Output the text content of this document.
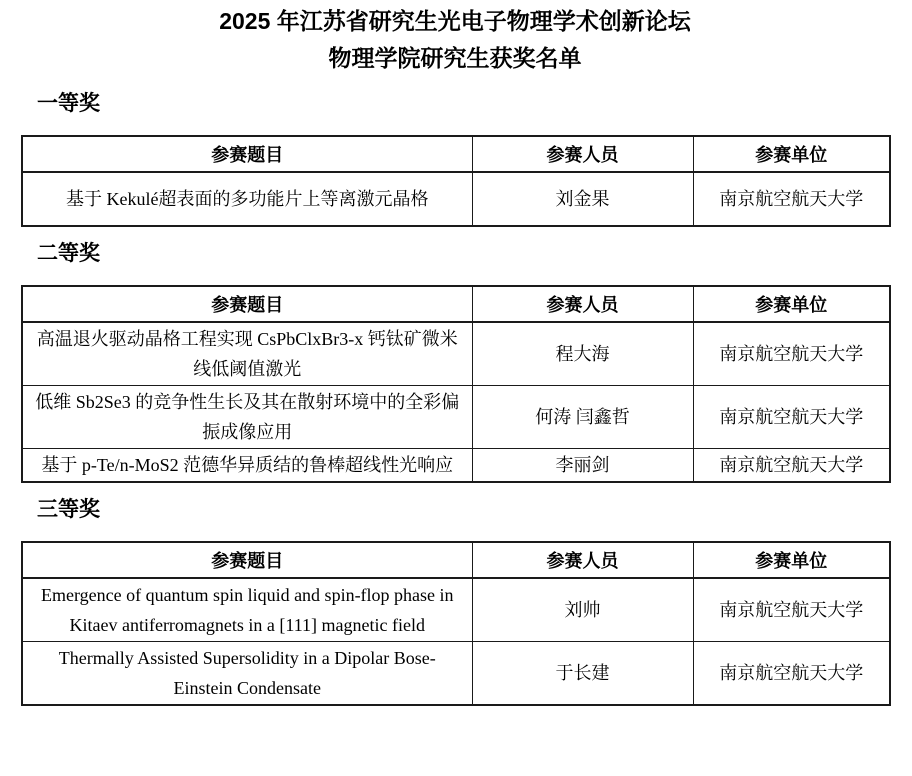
2025 年江苏省研究生光电子物理学术创新论坛
物理学院研究生获奖名单
一等奖
参赛题目	参赛人员	参赛单位
基于 Kekulé超表面的多功能片上等离激元晶格	刘金果	南京航空航天大学
二等奖
参赛题目	参赛人员	参赛单位
高温退火驱动晶格工程实现 CsPbClxBr3-x 钙钛矿微米线低阈值激光	程大海	南京航空航天大学
低维 Sb2Se3 的竞争性生长及其在散射环境中的全彩偏振成像应用	何涛 闫鑫哲	南京航空航天大学
基于 p-Te/n-MoS2 范德华异质结的鲁棒超线性光响应	李丽剑	南京航空航天大学
三等奖
参赛题目	参赛人员	参赛单位
Emergence of quantum spin liquid and spin-flop phase in Kitaev antiferromagnets in a [111] magnetic field	刘帅	南京航空航天大学
Thermally Assisted Supersolidity in a Dipolar Bose-Einstein Condensate	于长建	南京航空航天大学
